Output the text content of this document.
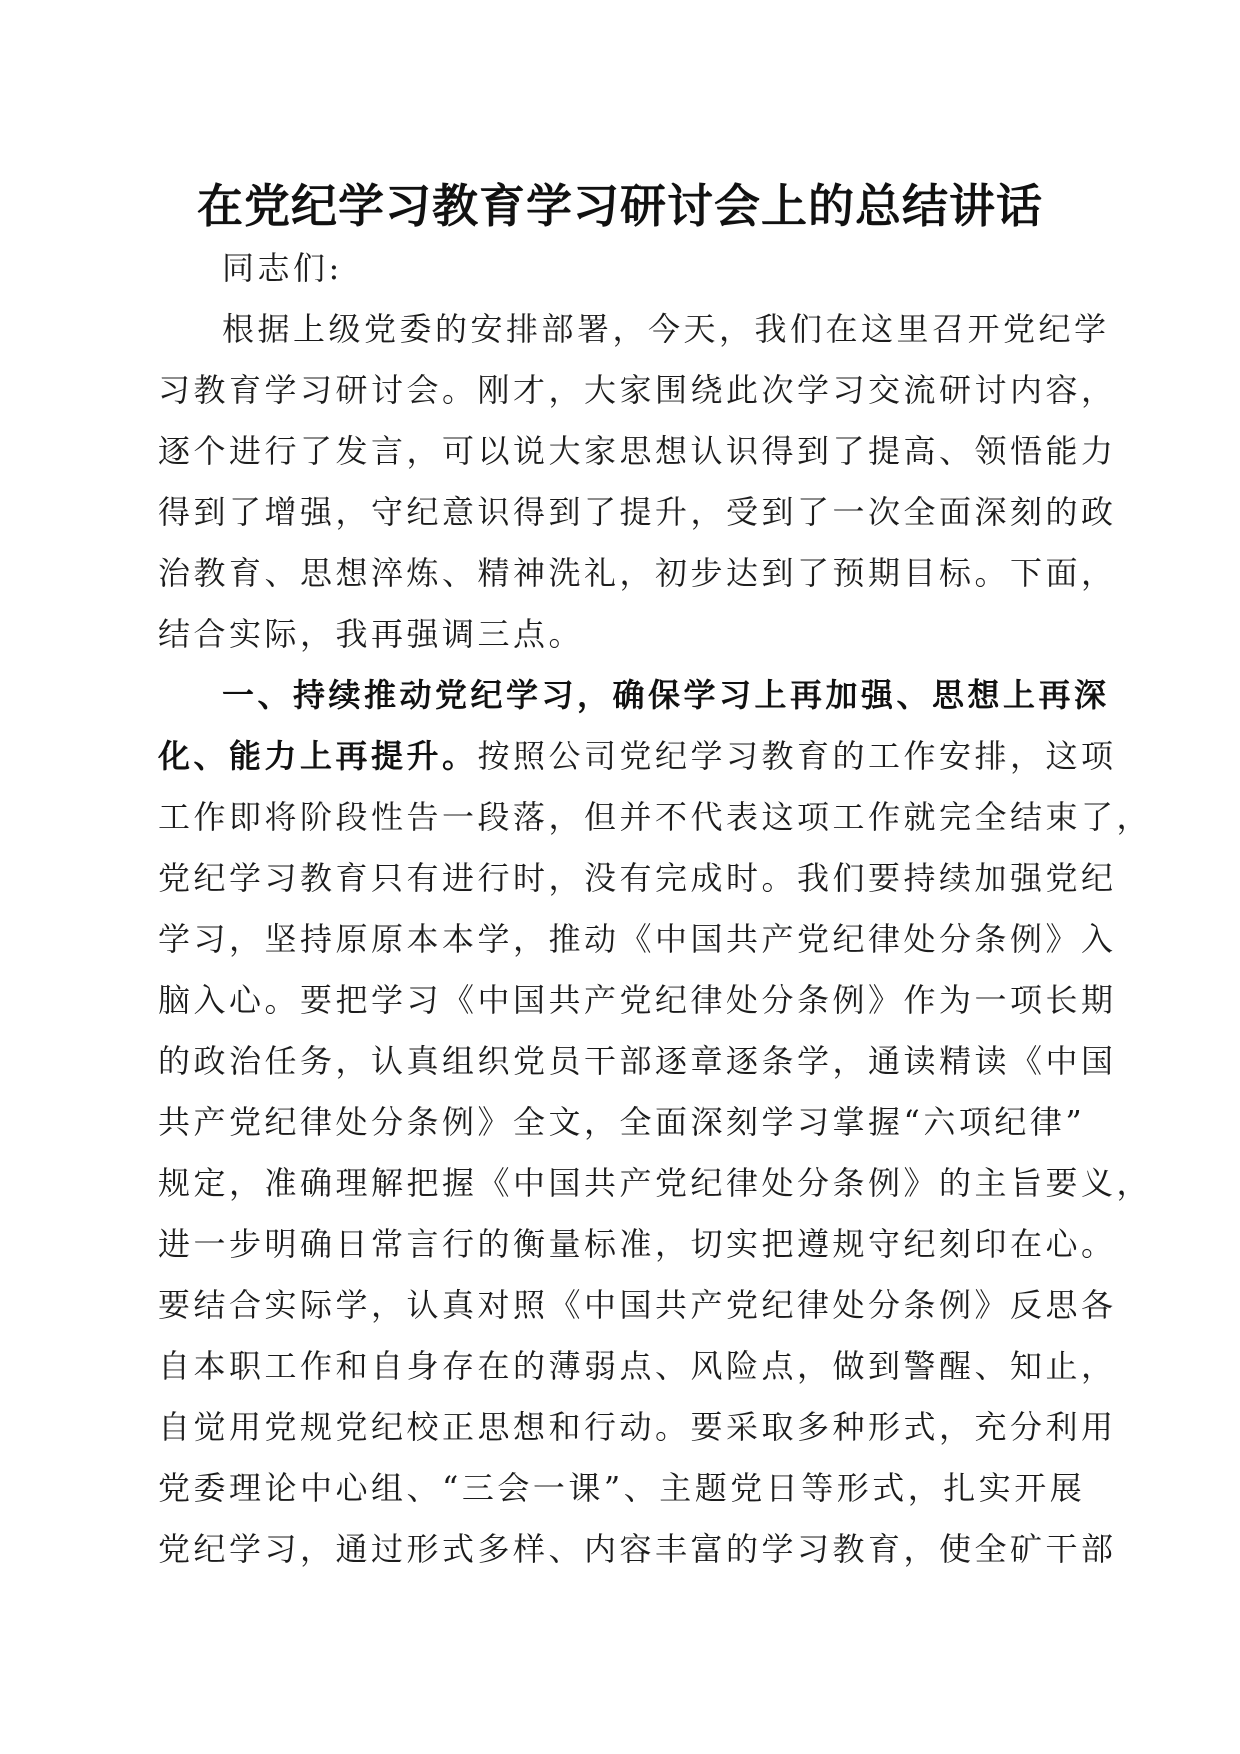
在党纪学习教育学习研讨会上的总结讲话
同志们:
根据上级党委的安排部署，今天，我们在这里召开党纪学
习教育学习研讨会。刚才，大家围绕此次学习交流研讨内容，
逐个进行了发言，可以说大家思想认识得到了提高、领悟能力
得到了增强，守纪意识得到了提升，受到了一次全面深刻的政
治教育、思想淬炼、精神洗礼，初步达到了预期目标。下面，
结合实际，我再强调三点。
一、持续推动党纪学习，确保学习上再加强、思想上再深
化、能力上再提升。按照公司党纪学习教育的工作安排，这项
工作即将阶段性告一段落，但并不代表这项工作就完全结束了，
党纪学习教育只有进行时，没有完成时。我们要持续加强党纪
学习，坚持原原本本学，推动《中国共产党纪律处分条例》入
脑入心。要把学习《中国共产党纪律处分条例》作为一项长期
的政治任务，认真组织党员干部逐章逐条学，通读精读《中国
共产党纪律处分条例》全文，全面深刻学习掌握“六项纪律”
规定，准确理解把握《中国共产党纪律处分条例》的主旨要义，
进一步明确日常言行的衡量标准，切实把遵规守纪刻印在心。
要结合实际学，认真对照《中国共产党纪律处分条例》反思各
自本职工作和自身存在的薄弱点、风险点，做到警醒、知止，
自觉用党规党纪校正思想和行动。要采取多种形式，充分利用
党委理论中心组、“三会一课”、主题党日等形式，扎实开展
党纪学习，通过形式多样、内容丰富的学习教育，使全矿干部
